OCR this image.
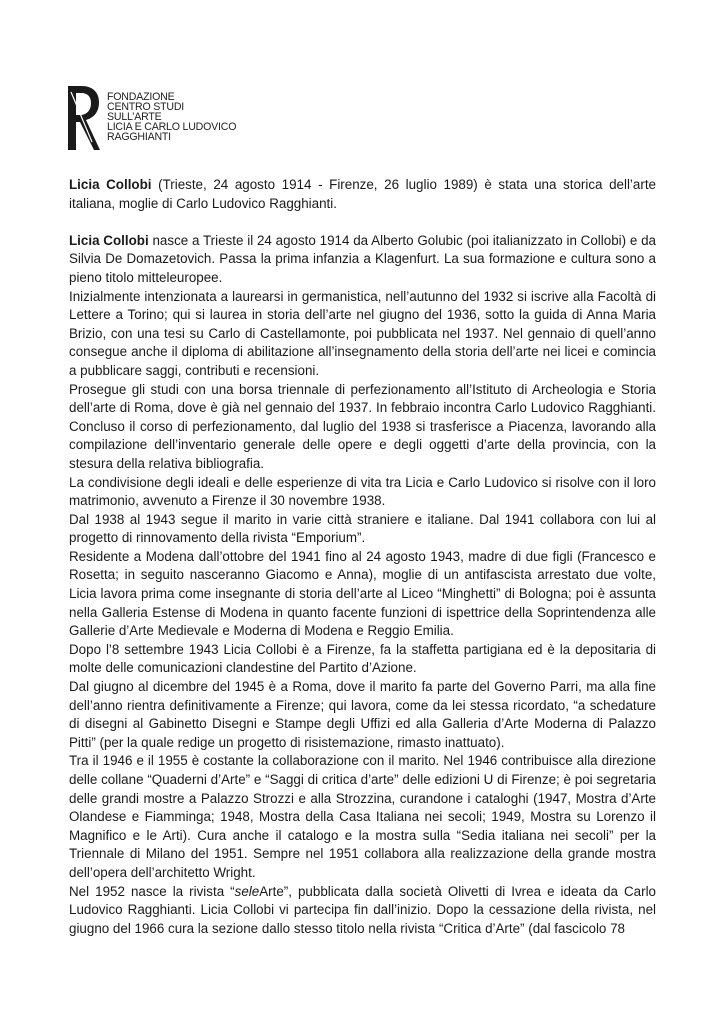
FONDAZIONE
CENTRO STUDI
SULL’ARTE
LICIA E CARLO LUDOVICO
RAGGHIANTI

Licia Collobi (Trieste, 24 agosto 1914 - Firenze, 26 luglio 1989) è stata una storica dell’arte italiana, moglie di Carlo Ludovico Ragghianti.

Licia Collobi nasce a Trieste il 24 agosto 1914 da Alberto Golubic (poi italianizzato in Collobi) e da Silvia De Domazetovich. Passa la prima infanzia a Klagenfurt. La sua formazione e cultura sono a pieno titolo mitteleuropee.

Inizialmente intenzionata a laurearsi in germanistica, nell’autunno del 1932 si iscrive alla Facoltà di Lettere a Torino; qui si laurea in storia dell’arte nel giugno del 1936, sotto la guida di Anna Maria Brizio, con una tesi su Carlo di Castellamonte, poi pubblicata nel 1937. Nel gennaio di quell’anno consegue anche il diploma di abilitazione all’insegnamento della storia dell’arte nei licei e comincia a pubblicare saggi, contributi e recensioni.

Prosegue gli studi con una borsa triennale di perfezionamento all’Istituto di Archeologia e Storia dell’arte di Roma, dove è già nel gennaio del 1937. In febbraio incontra Carlo Ludovico Ragghianti. Concluso il corso di perfezionamento, dal luglio del 1938 si trasferisce a Piacenza, lavorando alla compilazione dell’inventario generale delle opere e degli oggetti d’arte della provincia, con la stesura della relativa bibliografia.

La condivisione degli ideali e delle esperienze di vita tra Licia e Carlo Ludovico si risolve con il loro matrimonio, avvenuto a Firenze il 30 novembre 1938.

Dal 1938 al 1943 segue il marito in varie città straniere e italiane. Dal 1941 collabora con lui al progetto di rinnovamento della rivista “Emporium”.

Residente a Modena dall’ottobre del 1941 fino al 24 agosto 1943, madre di due figli (Francesco e Rosetta; in seguito nasceranno Giacomo e Anna), moglie di un antifascista arrestato due volte, Licia lavora prima come insegnante di storia dell’arte al Liceo “Minghetti” di Bologna; poi è assunta nella Galleria Estense di Modena in quanto facente funzioni di ispettrice della Soprintendenza alle Gallerie d’Arte Medievale e Moderna di Modena e Reggio Emilia.

Dopo l’8 settembre 1943 Licia Collobi è a Firenze, fa la staffetta partigiana ed è la depositaria di molte delle comunicazioni clandestine del Partito d’Azione.

Dal giugno al dicembre del 1945 è a Roma, dove il marito fa parte del Governo Parri, ma alla fine dell’anno rientra definitivamente a Firenze; qui lavora, come da lei stessa ricordato, “a schedature di disegni al Gabinetto Disegni e Stampe degli Uffizi ed alla Galleria d’Arte Moderna di Palazzo Pitti” (per la quale redige un progetto di risistemazione, rimasto inattuato).

Tra il 1946 e il 1955 è costante la collaborazione con il marito. Nel 1946 contribuisce alla direzione delle collane “Quaderni d’Arte” e “Saggi di critica d’arte” delle edizioni U di Firenze; è poi segretaria delle grandi mostre a Palazzo Strozzi e alla Strozzina, curandone i cataloghi (1947, Mostra d’Arte Olandese e Fiamminga; 1948, Mostra della Casa Italiana nei secoli; 1949, Mostra su Lorenzo il Magnifico e le Arti). Cura anche il catalogo e la mostra sulla “Sedia italiana nei secoli” per la Triennale di Milano del 1951. Sempre nel 1951 collabora alla realizzazione della grande mostra dell’opera dell’architetto Wright.

Nel 1952 nasce la rivista “seleArte”, pubblicata dalla società Olivetti di Ivrea e ideata da Carlo Ludovico Ragghianti. Licia Collobi vi partecipa fin dall’inizio. Dopo la cessazione della rivista, nel giugno del 1966 cura la sezione dallo stesso titolo nella rivista “Critica d’Arte” (dal fascicolo 78
